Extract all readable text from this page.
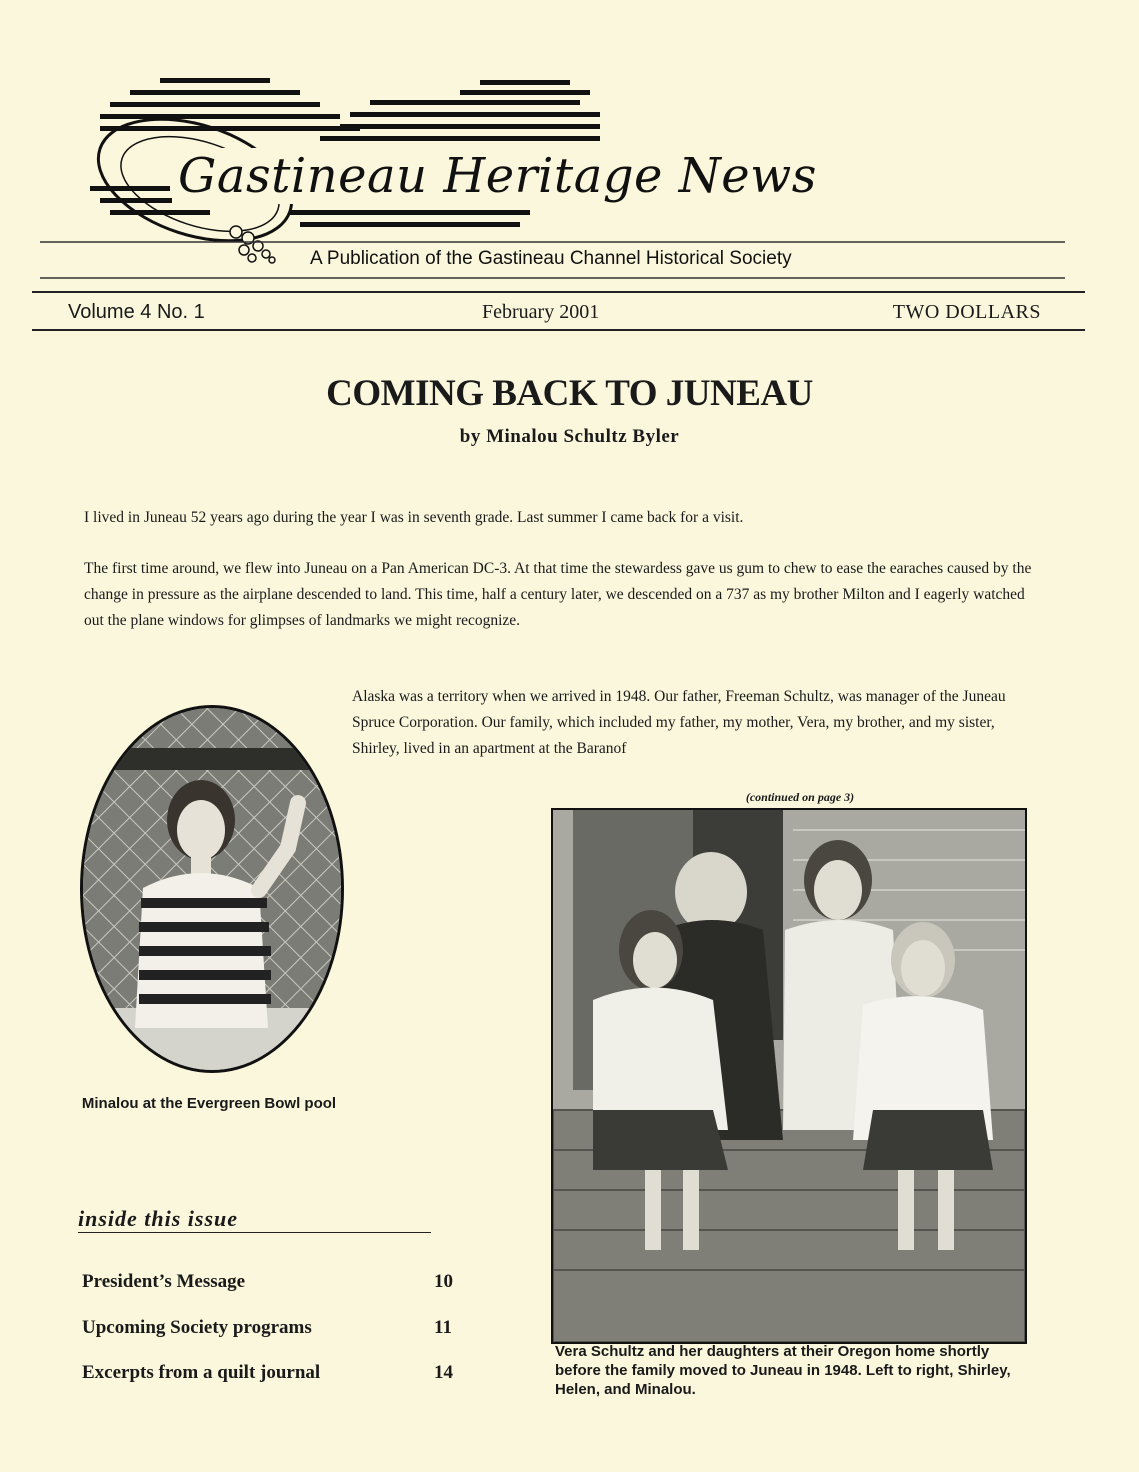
Gastineau Heritage News
A Publication of the Gastineau Channel Historical Society
Volume 4 No. 1	February 2001	TWO DOLLARS
COMING BACK TO JUNEAU
by Minalou Schultz Byler
I lived in Juneau 52 years ago during the year I was in seventh grade. Last summer I came back for a visit.
The first time around, we flew into Juneau on a Pan American DC-3. At that time the stewardess gave us gum to chew to ease the earaches caused by the change in pressure as the airplane descended to land. This time, half a century later, we descended on a 737 as my brother Milton and I eagerly watched out the plane windows for glimpses of landmarks we might recognize.
Alaska was a territory when we arrived in 1948. Our father, Freeman Schultz, was manager of the Juneau Spruce Corporation. Our family, which included my father, my mother, Vera, my brother, and my sister, Shirley, lived in an apartment at the Baranof
(continued on page 3)
Minalou at the Evergreen Bowl pool
Vera Schultz and her daughters at their Oregon home shortly before the family moved to Juneau in 1948. Left to right, Shirley, Helen, and Minalou.
inside this issue
President’s Message	10
Upcoming Society programs	11
Excerpts from a quilt journal	14
